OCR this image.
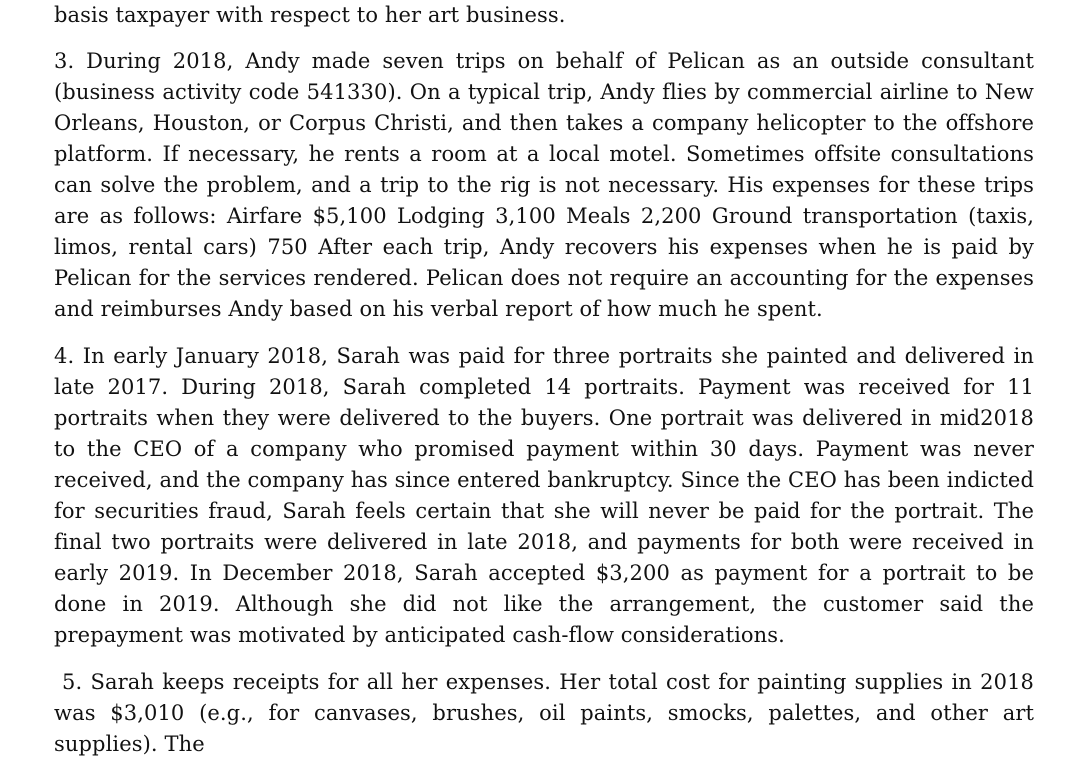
basis taxpayer with respect to her art business.

3. During 2018, Andy made seven trips on behalf of Pelican as an outside consultant (business activity code 541330). On a typical trip, Andy flies by commercial airline to New Orleans, Houston, or Corpus Christi, and then takes a company helicopter to the offshore platform. If necessary, he rents a room at a local motel. Sometimes offsite consultations can solve the problem, and a trip to the rig is not necessary. His expenses for these trips are as follows: Airfare $5,100 Lodging 3,100 Meals 2,200 Ground transportation (taxis, limos, rental cars) 750 After each trip, Andy recovers his expenses when he is paid by Pelican for the services rendered. Pelican does not require an accounting for the expenses and reimburses Andy based on his verbal report of how much he spent.

4. In early January 2018, Sarah was paid for three portraits she painted and delivered in late 2017. During 2018, Sarah completed 14 portraits. Payment was received for 11 portraits when they were delivered to the buyers. One portrait was delivered in mid2018 to the CEO of a company who promised payment within 30 days. Payment was never received, and the company has since entered bankruptcy. Since the CEO has been indicted for securities fraud, Sarah feels certain that she will never be paid for the portrait. The final two portraits were delivered in late 2018, and payments for both were received in early 2019. In December 2018, Sarah accepted $3,200 as payment for a portrait to be done in 2019. Although she did not like the arrangement, the customer said the prepayment was motivated by anticipated cash-flow considerations.

5. Sarah keeps receipts for all her expenses. Her total cost for painting supplies in 2018 was $3,010 (e.g., for canvases, brushes, oil paints, smocks, palettes, and other art supplies). The
